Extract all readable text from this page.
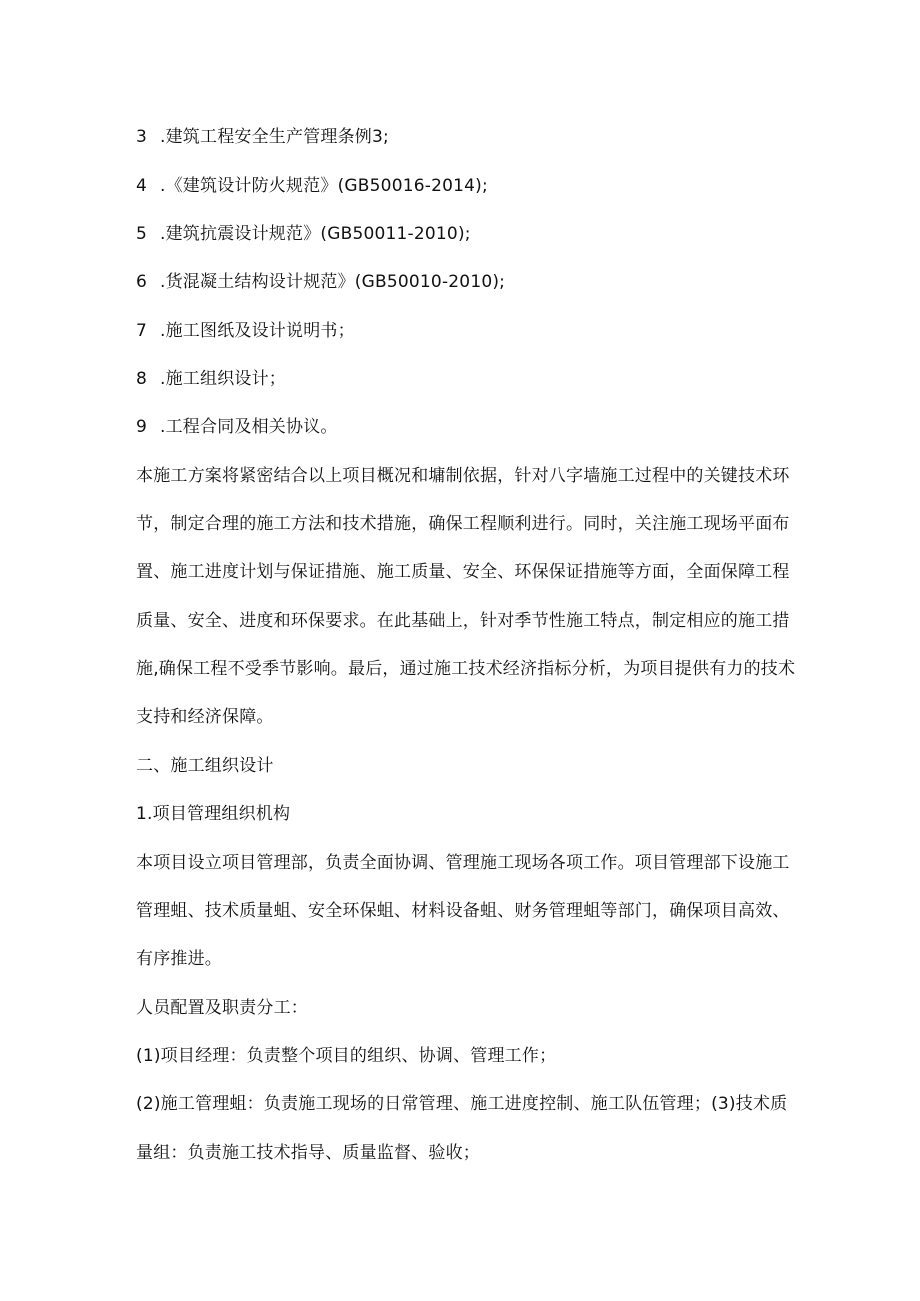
3 .建筑工程安全生产管理条例3;
4 .《建筑设计防火规范》(GB50016-2014);
5 .建筑抗震设计规范》(GB50011-2010);
6 .货混凝土结构设计规范》(GB50010-2010);
7 .施工图纸及设计说明书；
8 .施工组织设计；
9 .工程合同及相关协议。
本施工方案将紧密结合以上项目概况和墉制依据，针对八字墙施工过程中的关键技术环
节，制定合理的施工方法和技术措施，确保工程顺利进行。同时，关注施工现场平面布
置、施工进度计划与保证措施、施工质量、安全、环保保证措施等方面，全面保障工程
质量、安全、进度和环保要求。在此基础上，针对季节性施工特点，制定相应的施工措
施,确保工程不受季节影响。最后，通过施工技术经济指标分析，为项目提供有力的技术
支持和经济保障。
二、施工组织设计
1.项目管理组织机构
本项目设立项目管理部，负责全面协调、管理施工现场各项工作。项目管理部下设施工
管理蛆、技术质量蛆、安全环保蛆、材料设备蛆、财务管理蛆等部门，确保项目高效、
有序推进。
人员配置及职责分工：
(1)项目经理：负责整个项目的组织、协调、管理工作；
(2)施工管理蛆：负责施工现场的日常管理、施工进度控制、施工队伍管理；(3)技术质
量组：负责施工技术指导、质量监督、验收；
